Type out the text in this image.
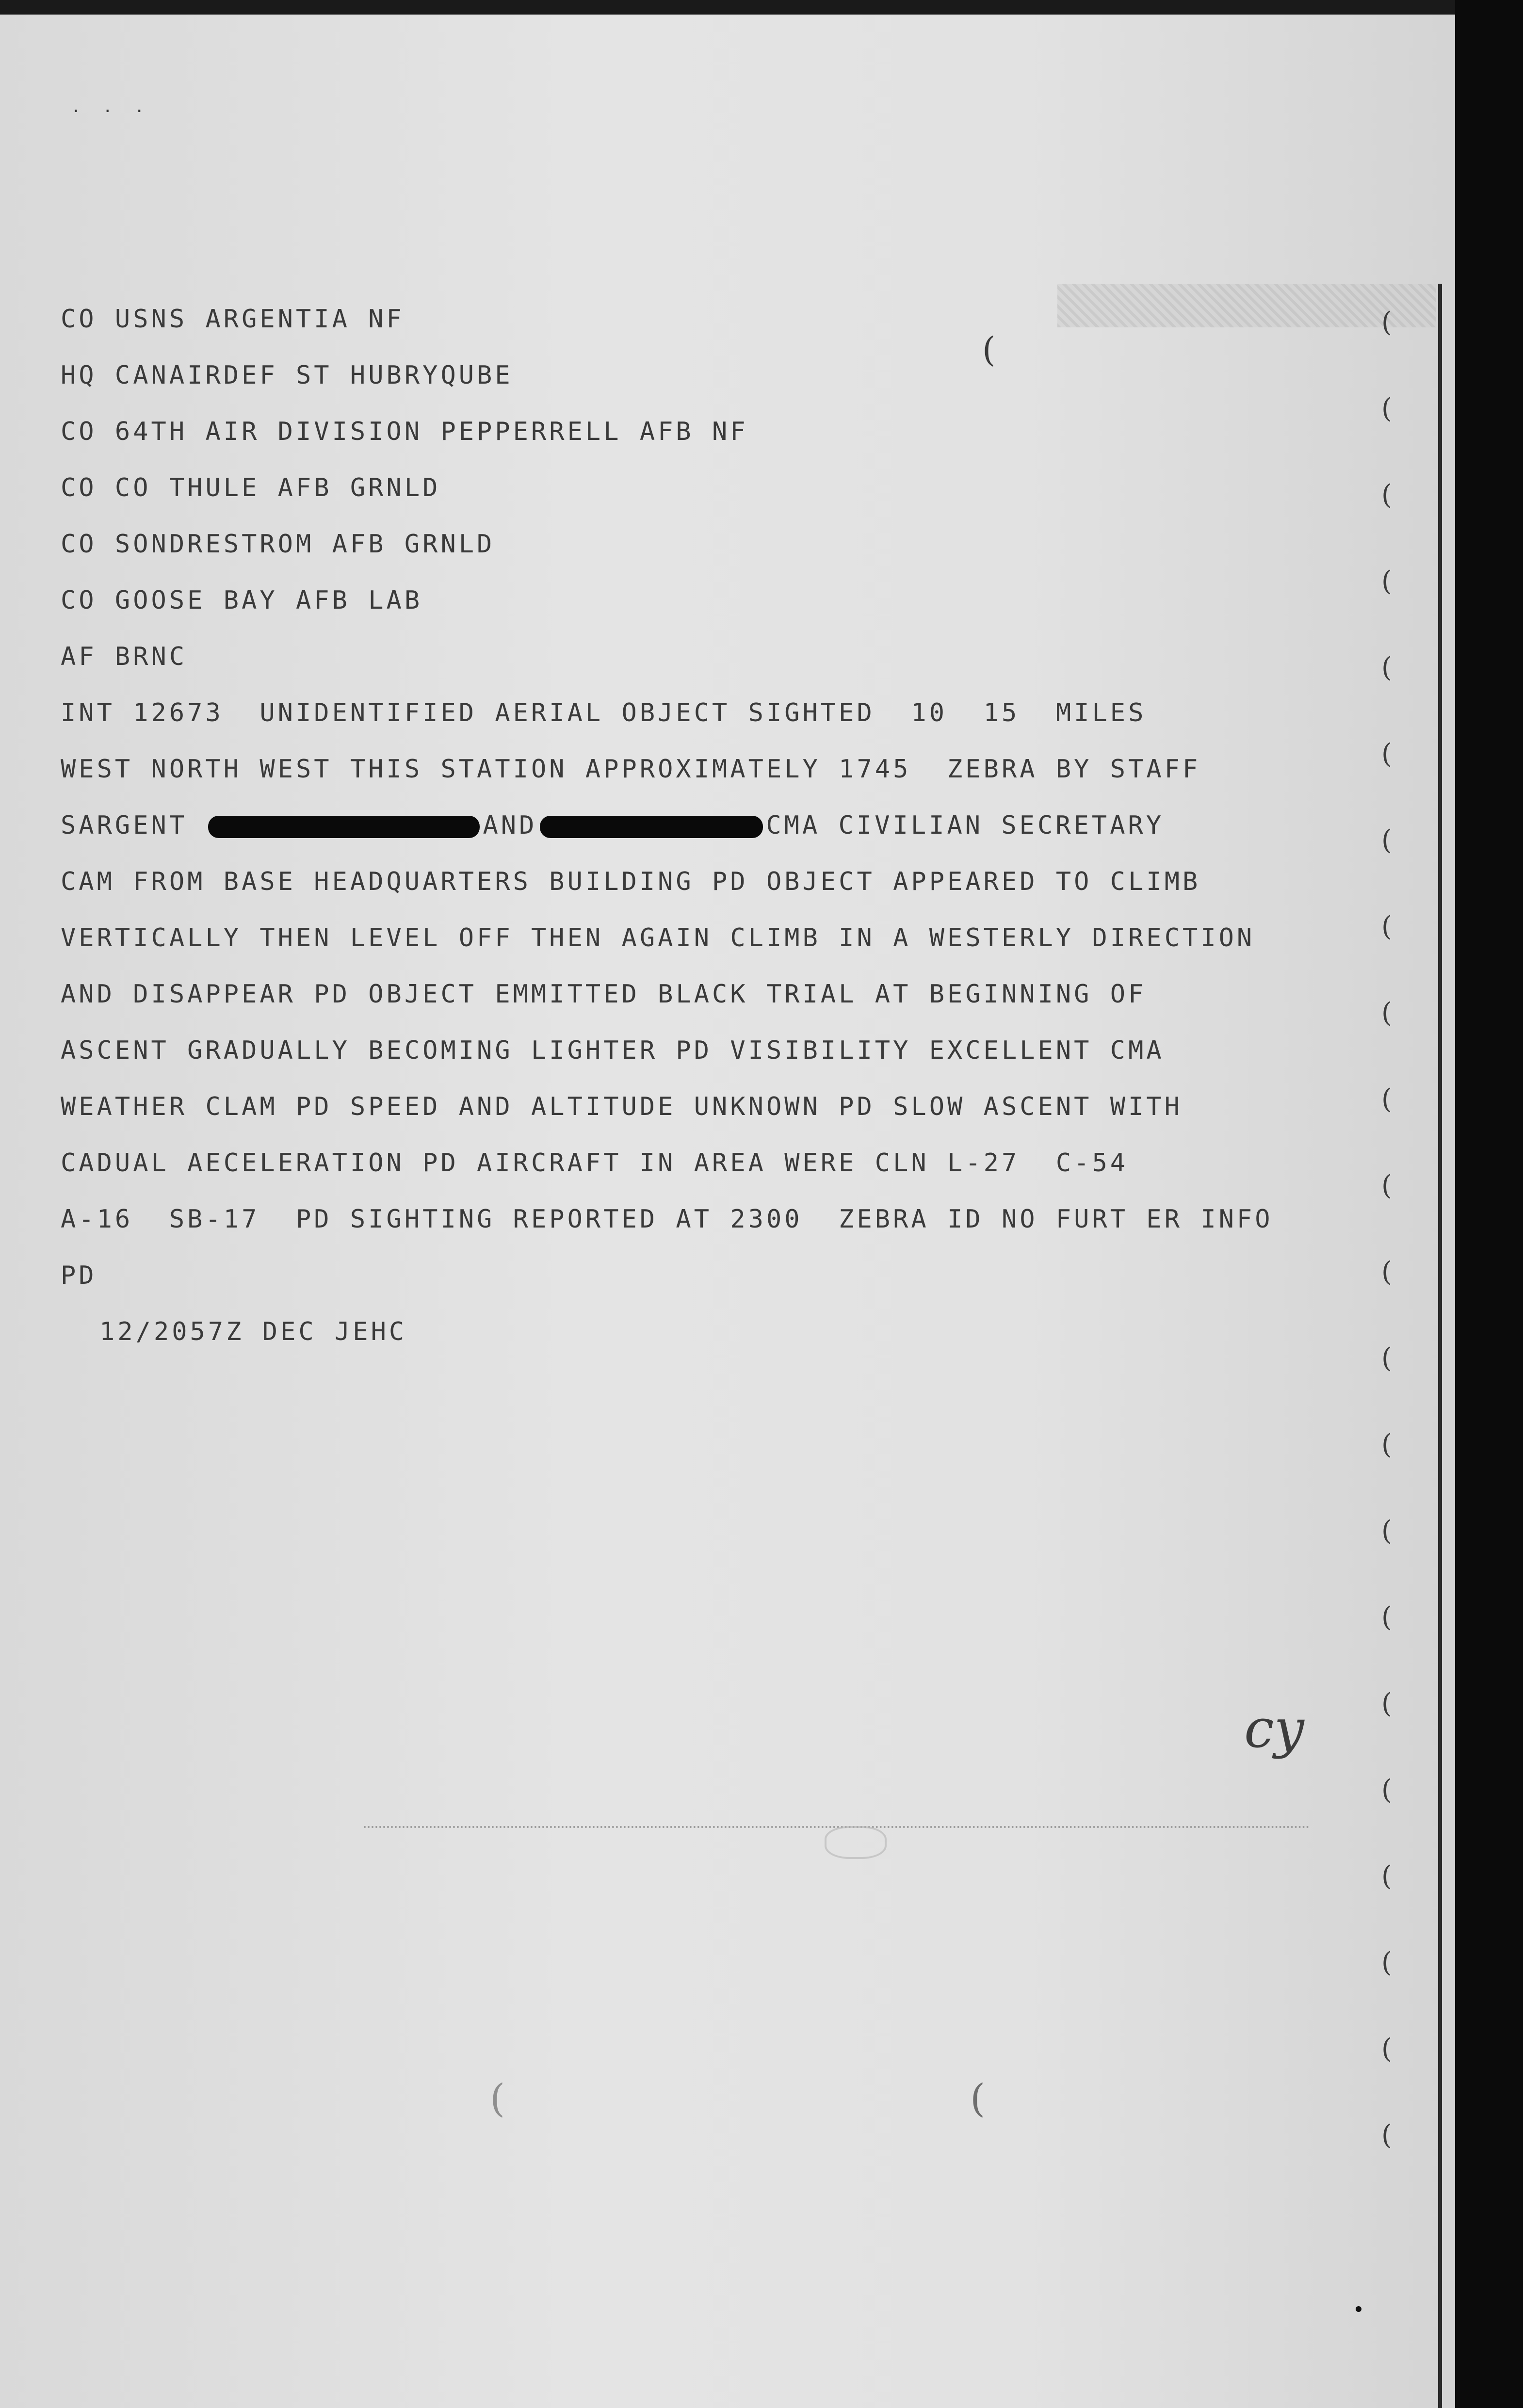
. . .
(
CO USNS ARGENTIA NF
HQ CANAIRDEF ST HUBRYQUBE
CO 64TH AIR DIVISION PEPPERRELL AFB NF
CO CO THULE AFB GRNLD
CO SONDRESTROM AFB GRNLD
CO GOOSE BAY AFB LAB
AF BRNC
INT 12673  UNIDENTIFIED AERIAL OBJECT SIGHTED  10  15  MILES
WEST NORTH WEST THIS STATION APPROXIMATELY 1745  ZEBRA BY STAFF
SARGENT	AND	CMA CIVILIAN SECRETARY
CAM FROM BASE HEADQUARTERS BUILDING PD OBJECT APPEARED TO CLIMB
VERTICALLY THEN LEVEL OFF THEN AGAIN CLIMB IN A WESTERLY DIRECTION
AND DISAPPEAR PD OBJECT EMMITTED BLACK TRIAL AT BEGINNING OF
ASCENT GRADUALLY BECOMING LIGHTER PD VISIBILITY EXCELLENT CMA
WEATHER CLAM PD SPEED AND ALTITUDE UNKNOWN PD SLOW ASCENT WITH
CADUAL AECELERATION PD AIRCRAFT IN AREA WERE CLN L-27  C-54
A-16  SB-17  PD SIGHTING REPORTED AT 2300  ZEBRA ID NO FURT ER INFO
PD
12/2057Z DEC JEHC
(
(
(
(
(
(
(
(
(
(
(
(
(
(
(
(
(
(
(
(
(
(
cy
(	(
